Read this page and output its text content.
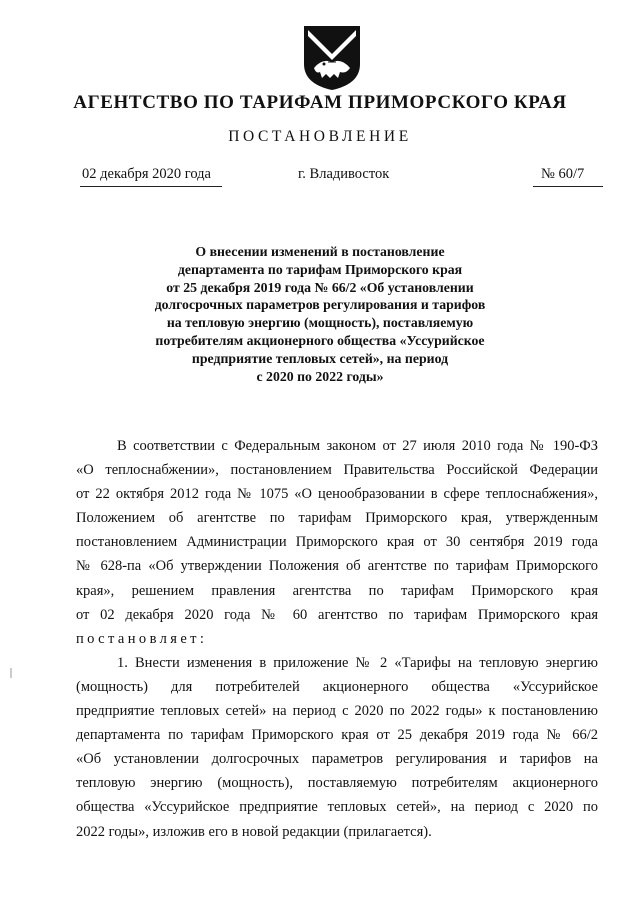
АГЕНТСТВО ПО ТАРИФАМ ПРИМОРСКОГО КРАЯ
ПОСТАНОВЛЕНИЕ
02 декабря 2020 года	г. Владивосток	№ 60/7
О внесении изменений в постановление
департамента по тарифам Приморского края
от 25 декабря 2019 года № 66/2 «Об установлении
долгосрочных параметров регулирования и тарифов
на тепловую энергию (мощность), поставляемую
потребителям акционерного общества «Уссурийское
предприятие тепловых сетей», на период
с 2020 по 2022 годы»
В соответствии с Федеральным законом от 27 июля 2010 года № 190-ФЗ
«О теплоснабжении», постановлением Правительства Российской Федерации
от 22 октября 2012 года № 1075 «О ценообразовании в сфере теплоснабжения»,
Положением об агентстве по тарифам Приморского края, утвержденным
постановлением Администрации Приморского края от 30 сентября 2019 года
№ 628-па «Об утверждении Положения об агентстве по тарифам Приморского
края», решением правления агентства по тарифам Приморского края
от 02 декабря 2020 года № 60 агентство по тарифам Приморского края
постановляет:
1. Внести изменения в приложение № 2 «Тарифы на тепловую энергию
(мощность) для потребителей акционерного общества «Уссурийское
предприятие тепловых сетей» на период с 2020 по 2022 годы» к постановлению
департамента по тарифам Приморского края от 25 декабря 2019 года № 66/2
«Об установлении долгосрочных параметров регулирования и тарифов на
тепловую энергию (мощность), поставляемую потребителям акционерного
общества «Уссурийское предприятие тепловых сетей», на период с 2020 по
2022 годы», изложив его в новой редакции (прилагается).
